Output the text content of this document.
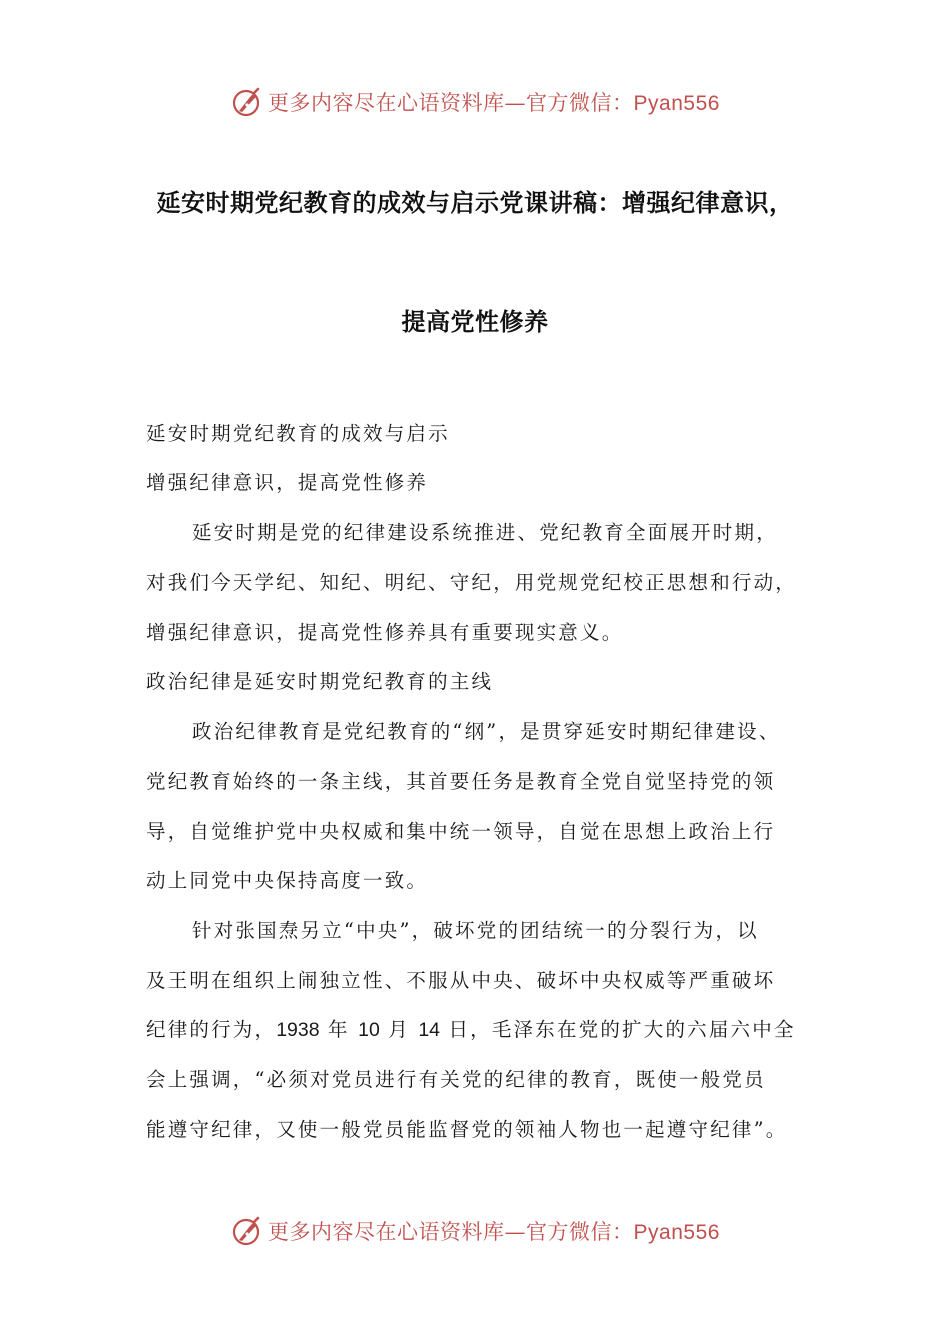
更多内容尽在心语资料库—官方微信：Pyan556
延安时期党纪教育的成效与启示党课讲稿：增强纪律意识，
提高党性修养
延安时期党纪教育的成效与启示
增强纪律意识，提高党性修养
延安时期是党的纪律建设系统推进、党纪教育全面展开时期，
对我们今天学纪、知纪、明纪、守纪，用党规党纪校正思想和行动，
增强纪律意识，提高党性修养具有重要现实意义。
政治纪律是延安时期党纪教育的主线
政治纪律教育是党纪教育的“纲”，是贯穿延安时期纪律建设、
党纪教育始终的一条主线，其首要任务是教育全党自觉坚持党的领
导，自觉维护党中央权威和集中统一领导，自觉在思想上政治上行
动上同党中央保持高度一致。
针对张国焘另立“中央”，破坏党的团结统一的分裂行为，以
及王明在组织上闹独立性、不服从中央、破坏中央权威等严重破坏
纪律的行为，1938 年 10 月 14 日，毛泽东在党的扩大的六届六中全
会上强调，“必须对党员进行有关党的纪律的教育，既使一般党员
能遵守纪律，又使一般党员能监督党的领袖人物也一起遵守纪律”。
更多内容尽在心语资料库—官方微信：Pyan556
